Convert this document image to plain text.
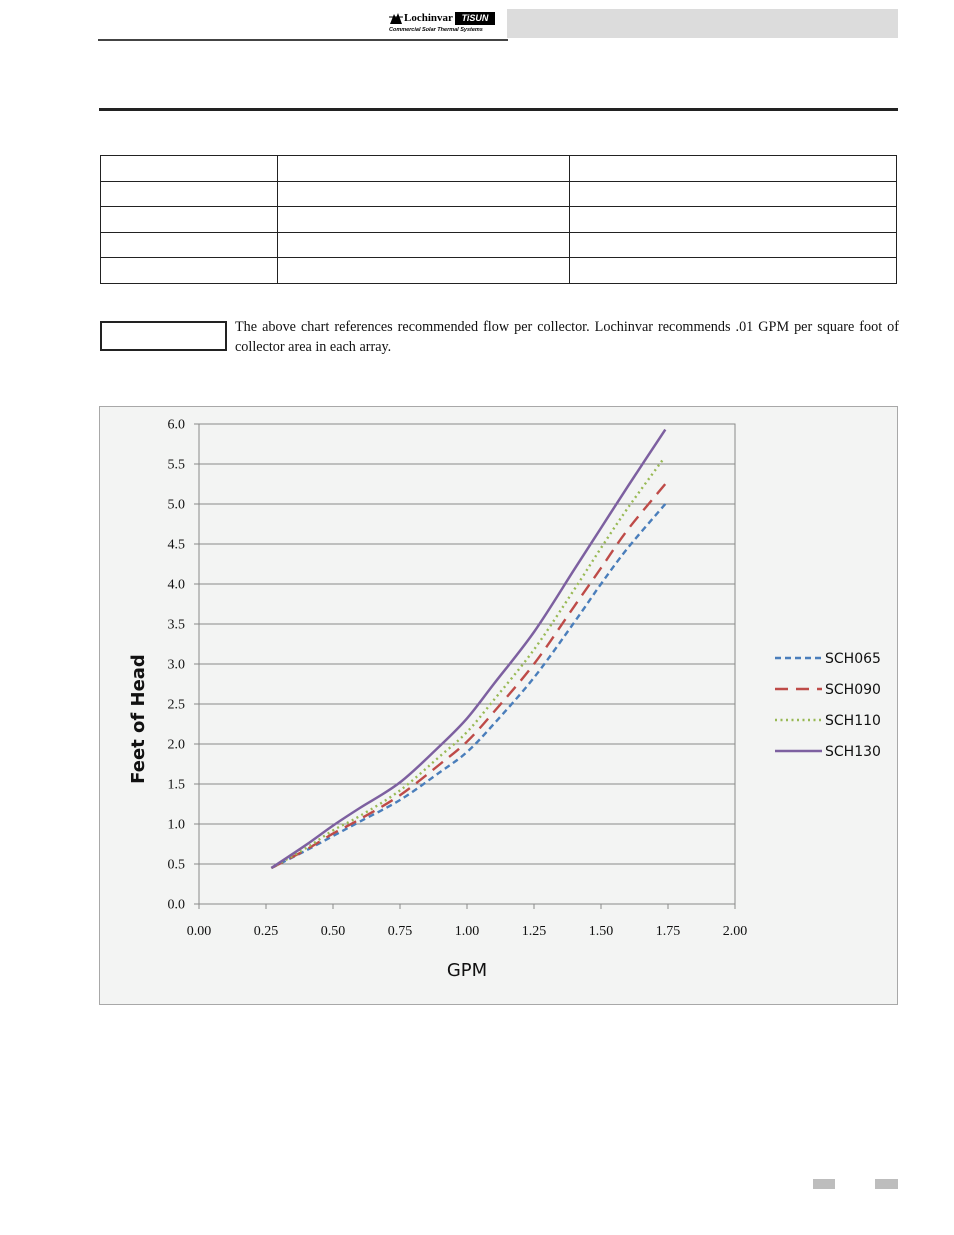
Lochinvar TiSUN
Commercial Solar Thermal Systems

The above chart references recommended flow per collector. Lochinvar recommends .01 GPM per square foot of collector area in each array.
0.0
0.5
1.0
1.5
2.0
2.5
3.0
3.5
4.0
4.5
5.0
5.5
6.0
0.00	0.25	0.50	0.75	1.00	1.25	1.50	1.75	2.00
GPM
Feet of Head	SCH065
SCH090
SCH110
SCH130
